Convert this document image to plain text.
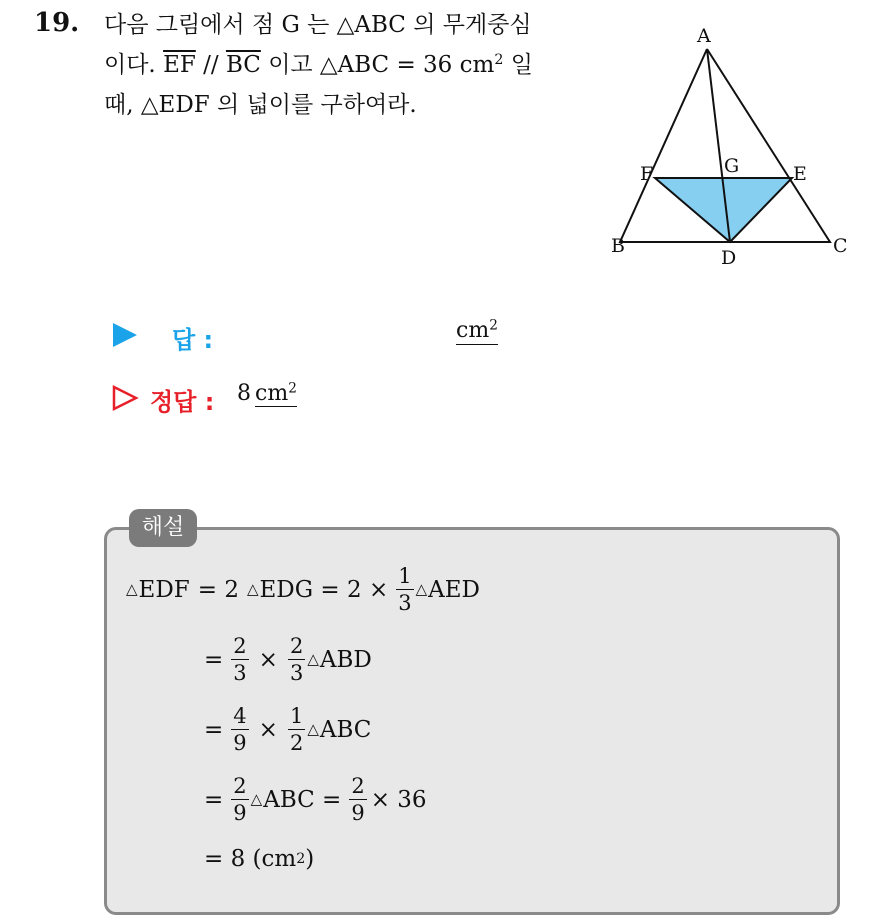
19. 다음 그림에서 점 G 는 △ABC 의 무게중심
이다. $\overline{EF} // \overline{BC}$ 이고 △ABC = 36 $cm^2$ 일
때, △EDF 의 넓이를 구하여라.
A
B	C
D
E
F	G
답 :	$cm^2$
정답 : 8 $cm^2$
해설
△ EDF = 2 △ EDG = $2 \times \frac{1}{3}$ △ AED
= $\frac{2}{3} \times \frac{2}{3}$ △ ABD
= $\frac{4}{9} \times \frac{1}{2}$ △ ABC
= $\frac{2}{9}$ △ ABC = $\frac{2}{9} \times 36$
= 8 (cm 2 )
